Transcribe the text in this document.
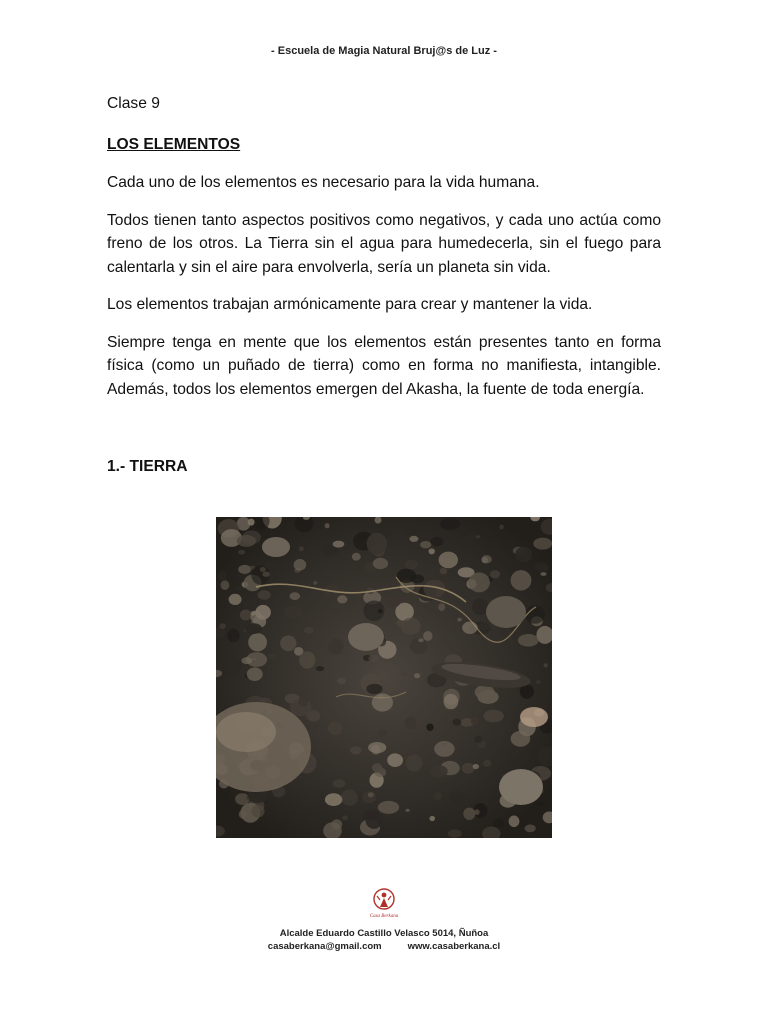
- Escuela de Magia Natural Bruj@s de Luz -

Clase 9

LOS ELEMENTOS

Cada uno de los elementos es necesario para la vida humana.

Todos tienen tanto aspectos positivos como negativos, y cada uno actúa como freno de los otros. La Tierra sin el agua para humedecerla, sin el fuego para calentarla y sin el aire para envolverla, sería un planeta sin vida.

Los elementos trabajan armónicamente para crear y mantener la vida.

Siempre tenga en mente que los elementos están presentes tanto en forma física (como un puñado de tierra) como en forma no manifiesta, intangible. Además, todos los elementos emergen del Akasha, la fuente de toda energía.

1.- TIERRA
Casa Berkana
Alcalde Eduardo Castillo Velasco 5014, Ñuñoa
casaberkana@gmail.com	www.casaberkana.cl
